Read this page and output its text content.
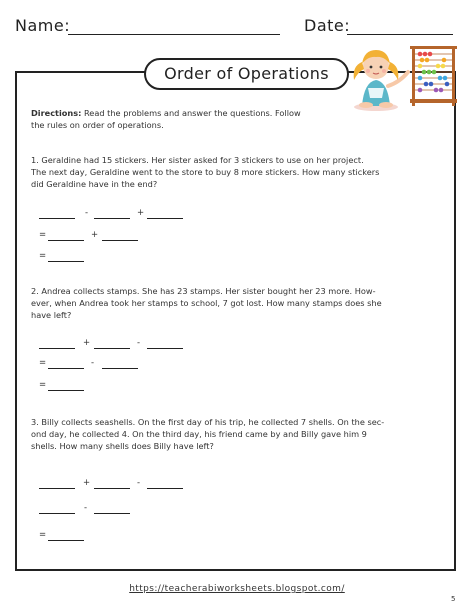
Name:	Date:
Order of Operations
Directions: Read the problems and answer the questions. Follow
the rules on order of operations.
1. Geraldine had 15 stickers. Her sister asked for 3 stickers to use on her project.
The next day, Geraldine went to the store to buy 8 more stickers. How many stickers
did Geraldine have in the end?
-	+
=	+
=
2. Andrea collects stamps. She has 23 stamps. Her sister bought her 23 more. How-
ever, when Andrea took her stamps to school, 7 got lost. How many stamps does she
have left?
+	-
=	-
=
3. Billy collects seashells. On the first day of his trip, he collected 7 shells. On the sec-
ond day, he collected 4. On the third day, his friend came by and Billy gave him 9
shells. How many shells does Billy have left?
+	-
-
=
https://teacherabiworksheets.blogspot.com/
5
